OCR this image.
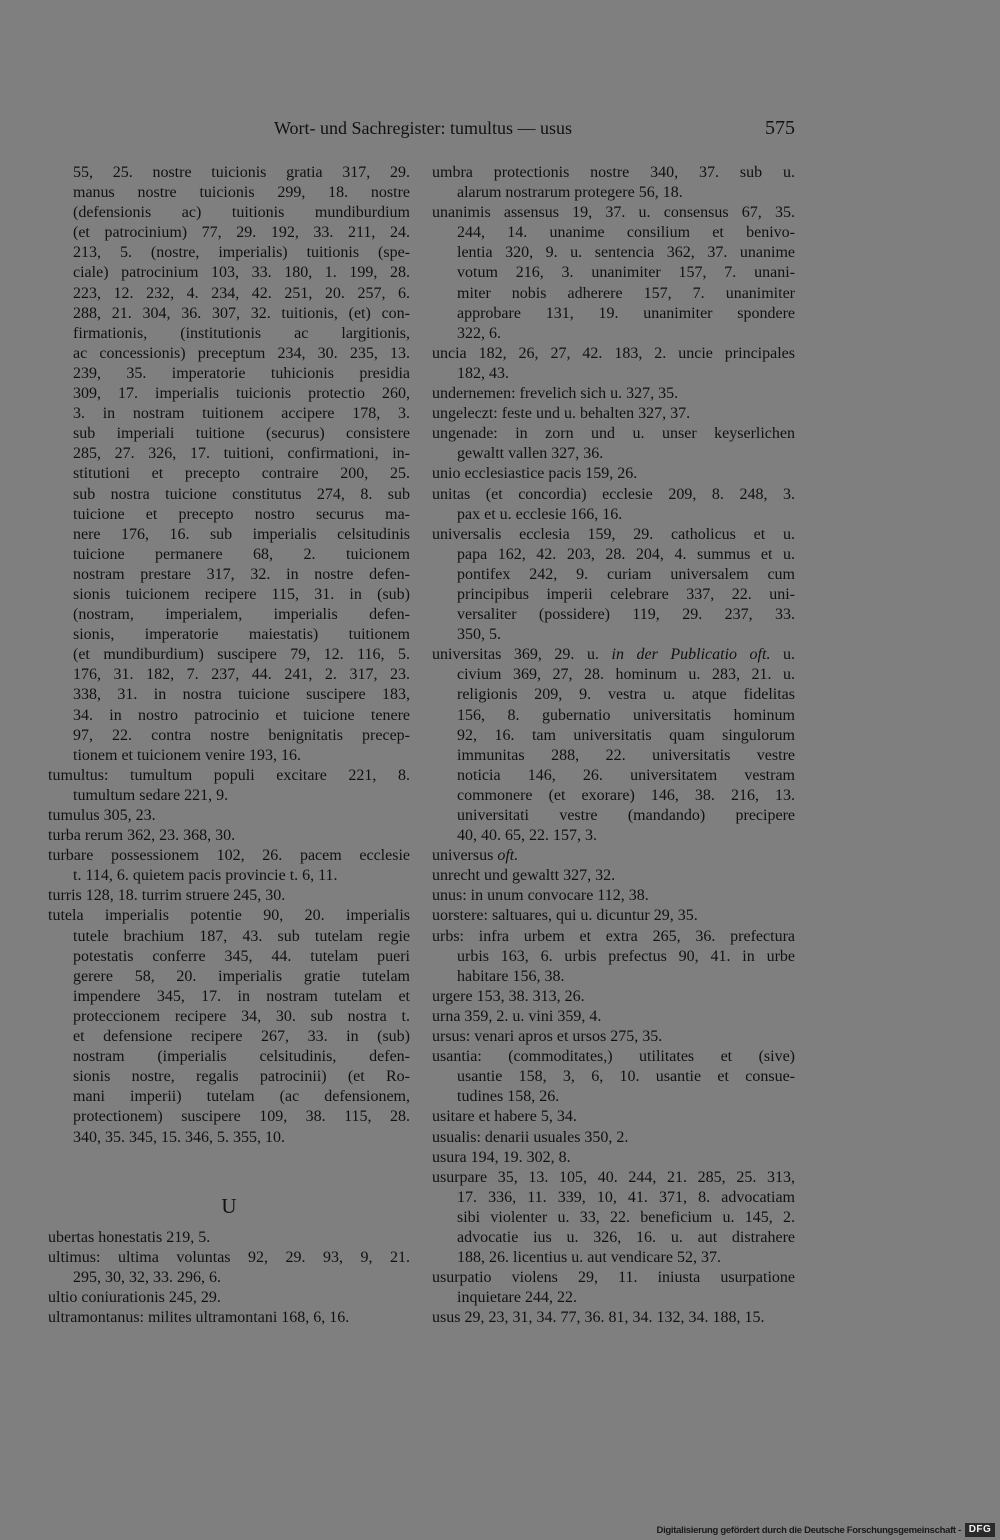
Wort- und Sachregister: tumultus — usus	575
55, 25. nostre tuicionis gratia 317, 29.
manus nostre tuicionis 299, 18. nostre
(defensionis ac) tuitionis mundiburdium
(et patrocinium) 77, 29. 192, 33. 211, 24.
213, 5. (nostre, imperialis) tuitionis (spe-
ciale) patrocinium 103, 33. 180, 1. 199, 28.
223, 12. 232, 4. 234, 42. 251, 20. 257, 6.
288, 21. 304, 36. 307, 32. tuitionis, (et) con-
firmationis, (institutionis ac largitionis,
ac concessionis) preceptum 234, 30. 235, 13.
239, 35. imperatorie tuhicionis presidia
309, 17. imperialis tuicionis protectio 260,
3. in nostram tuitionem accipere 178, 3.
sub imperiali tuitione (securus) consistere
285, 27. 326, 17. tuitioni, confirmationi, in-
stitutioni et precepto contraire 200, 25.
sub nostra tuicione constitutus 274, 8. sub
tuicione et precepto nostro securus ma-
nere 176, 16. sub imperialis celsitudinis
tuicione permanere 68, 2. tuicionem
nostram prestare 317, 32. in nostre defen-
sionis tuicionem recipere 115, 31. in (sub)
(nostram, imperialem, imperialis defen-
sionis, imperatorie maiestatis) tuitionem
(et mundiburdium) suscipere 79, 12. 116, 5.
176, 31. 182, 7. 237, 44. 241, 2. 317, 23.
338, 31. in nostra tuicione suscipere 183,
34. in nostro patrocinio et tuicione tenere
97, 22. contra nostre benignitatis precep-
tionem et tuicionem venire 193, 16.
tumultus: tumultum populi excitare 221, 8.
tumultum sedare 221, 9.
tumulus 305, 23.
turba rerum 362, 23. 368, 30.
turbare possessionem 102, 26. pacem ecclesie
t. 114, 6. quietem pacis provincie t. 6, 11.
turris 128, 18. turrim struere 245, 30.
tutela imperialis potentie 90, 20. imperialis
tutele brachium 187, 43. sub tutelam regie
potestatis conferre 345, 44. tutelam pueri
gerere 58, 20. imperialis gratie tutelam
impendere 345, 17. in nostram tutelam et
proteccionem recipere 34, 30. sub nostra t.
et defensione recipere 267, 33. in (sub)
nostram (imperialis celsitudinis, defen-
sionis nostre, regalis patrocinii) (et Ro-
mani imperii) tutelam (ac defensionem,
protectionem) suscipere 109, 38. 115, 28.
340, 35. 345, 15. 346, 5. 355, 10.
U
ubertas honestatis 219, 5.
ultimus: ultima voluntas 92, 29. 93, 9, 21.
295, 30, 32, 33. 296, 6.
ultio coniurationis 245, 29.
ultramontanus: milites ultramontani 168, 6, 16.
umbra protectionis nostre 340, 37. sub u.
alarum nostrarum protegere 56, 18.
unanimis assensus 19, 37. u. consensus 67, 35.
244, 14. unanime consilium et benivo-
lentia 320, 9. u. sentencia 362, 37. unanime
votum 216, 3. unanimiter 157, 7. unani-
miter nobis adherere 157, 7. unanimiter
approbare 131, 19. unanimiter spondere
322, 6.
uncia 182, 26, 27, 42. 183, 2. uncie principales
182, 43.
undernemen: frevelich sich u. 327, 35.
ungeleczt: feste und u. behalten 327, 37.
ungenade: in zorn und u. unser keyserlichen
gewaltt vallen 327, 36.
unio ecclesiastice pacis 159, 26.
unitas (et concordia) ecclesie 209, 8. 248, 3.
pax et u. ecclesie 166, 16.
universalis ecclesia 159, 29. catholicus et u.
papa 162, 42. 203, 28. 204, 4. summus et u.
pontifex 242, 9. curiam universalem cum
principibus imperii celebrare 337, 22. uni-
versaliter (possidere) 119, 29. 237, 33.
350, 5.
universitas 369, 29. u. in der Publicatio oft. u.
civium 369, 27, 28. hominum u. 283, 21. u.
religionis 209, 9. vestra u. atque fidelitas
156, 8. gubernatio universitatis hominum
92, 16. tam universitatis quam singulorum
immunitas 288, 22. universitatis vestre
noticia 146, 26. universitatem vestram
commonere (et exorare) 146, 38. 216, 13.
universitati vestre (mandando) precipere
40, 40. 65, 22. 157, 3.
universus oft.
unrecht und gewaltt 327, 32.
unus: in unum convocare 112, 38.
uorstere: saltuares, qui u. dicuntur 29, 35.
urbs: infra urbem et extra 265, 36. prefectura
urbis 163, 6. urbis prefectus 90, 41. in urbe
habitare 156, 38.
urgere 153, 38. 313, 26.
urna 359, 2. u. vini 359, 4.
ursus: venari apros et ursos 275, 35.
usantia: (commoditates,) utilitates et (sive)
usantie 158, 3, 6, 10. usantie et consue-
tudines 158, 26.
usitare et habere 5, 34.
usualis: denarii usuales 350, 2.
usura 194, 19. 302, 8.
usurpare 35, 13. 105, 40. 244, 21. 285, 25. 313,
17. 336, 11. 339, 10, 41. 371, 8. advocatiam
sibi violenter u. 33, 22. beneficium u. 145, 2.
advocatie ius u. 326, 16. u. aut distrahere
188, 26. licentius u. aut vendicare 52, 37.
usurpatio violens 29, 11. iniusta usurpatione
inquietare 244, 22.
usus 29, 23, 31, 34. 77, 36. 81, 34. 132, 34. 188, 15.
Digitalisierung gefördert durch die Deutsche Forschungsgemeinschaft - DFG
